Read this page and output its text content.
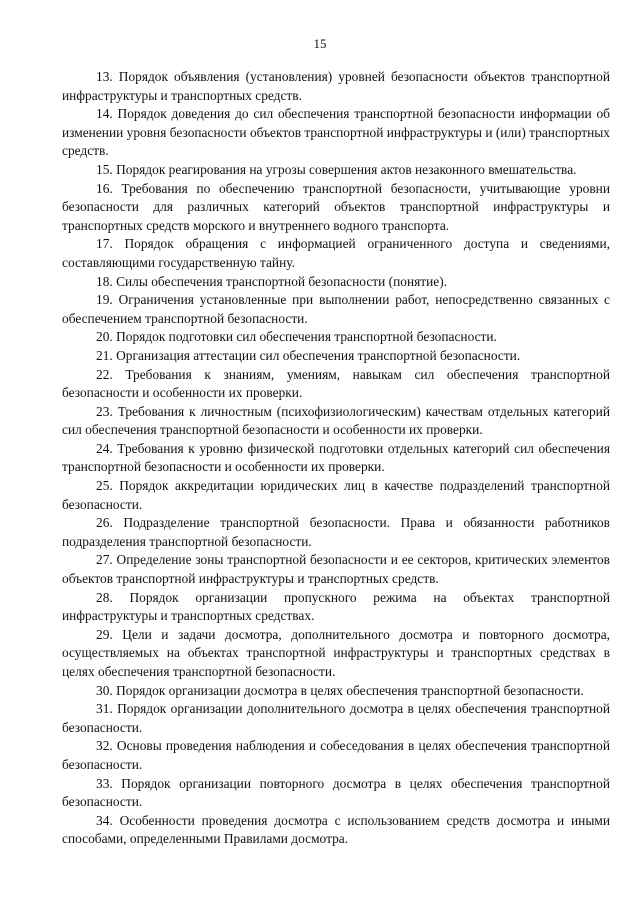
15

13. Порядок объявления (установления) уровней безопасности объектов транспортной инфраструктуры и транспортных средств.

14. Порядок доведения до сил обеспечения транспортной безопасности информации об изменении уровня безопасности объектов транспортной инфраструктуры и (или) транспортных средств.

15. Порядок реагирования на угрозы совершения актов незаконного вмешательства.

16. Требования по обеспечению транспортной безопасности, учитывающие уровни безопасности для различных категорий объектов транспортной инфраструктуры и транспортных средств морского и внутреннего водного транспорта.

17. Порядок обращения с информацией ограниченного доступа и сведениями, составляющими государственную тайну.

18. Силы обеспечения транспортной безопасности (понятие).

19. Ограничения установленные при выполнении работ, непосредственно связанных с обеспечением транспортной безопасности.

20. Порядок подготовки сил обеспечения транспортной безопасности.

21. Организация аттестации сил обеспечения транспортной безопасности.

22. Требования к знаниям, умениям, навыкам сил обеспечения транспортной безопасности и особенности их проверки.

23. Требования к личностным (психофизиологическим) качествам отдельных категорий сил обеспечения транспортной безопасности и особенности их проверки.

24. Требования к уровню физической подготовки отдельных категорий сил обеспечения транспортной безопасности и особенности их проверки.

25. Порядок аккредитации юридических лиц в качестве подразделений транспортной безопасности.

26. Подразделение транспортной безопасности. Права и обязанности работников подразделения транспортной безопасности.

27. Определение зоны транспортной безопасности и ее секторов, критических элементов объектов транспортной инфраструктуры и транспортных средств.

28. Порядок организации пропускного режима на объектах транспортной инфраструктуры и транспортных средствах.

29. Цели и задачи досмотра, дополнительного досмотра и повторного досмотра, осуществляемых на объектах транспортной инфраструктуры и транспортных средствах в целях обеспечения транспортной безопасности.

30. Порядок организации досмотра в целях обеспечения транспортной безопасности.

31. Порядок организации дополнительного досмотра в целях обеспечения транспортной безопасности.

32. Основы проведения наблюдения и собеседования в целях обеспечения транспортной безопасности.

33. Порядок организации повторного досмотра в целях обеспечения транспортной безопасности.

34. Особенности проведения досмотра с использованием средств досмотра и иными способами, определенными Правилами досмотра.
